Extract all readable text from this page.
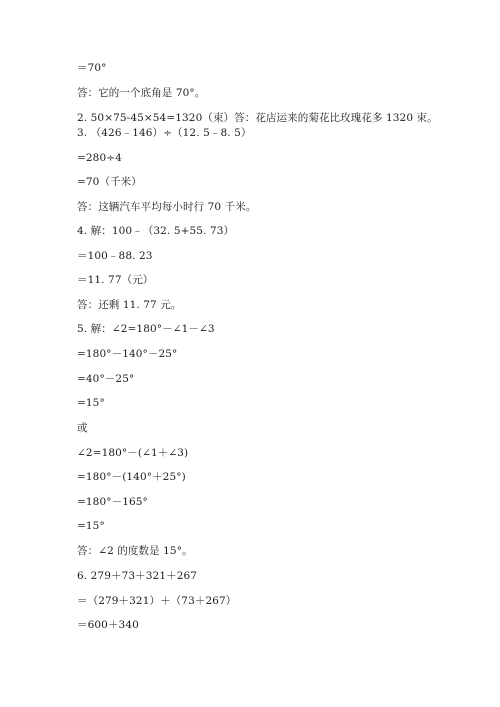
＝70°
答：它的一个底角是 70°。
2. 50×75-45×54=1320（束）答：花店运来的菊花比玫瑰花多 1320 束。
3. （426﹣146）÷（12. 5﹣8. 5）
=280÷4
=70（千米）
答：这辆汽车平均每小时行 70 千米。
4. 解：100﹣（32. 5+55. 73）
＝100﹣88. 23
＝11. 77（元）
答：还剩 11. 77 元。
5. 解：∠2=180°－∠1－∠3
=180°－140°－25°
=40°－25°
=15°
或
∠2=180°－(∠1＋∠3)
=180°－(140°＋25°)
=180°－165°
=15°
答：∠2 的度数是 15°。
6. 279＋73＋321＋267
＝（279＋321）＋（73＋267）
＝600＋340
